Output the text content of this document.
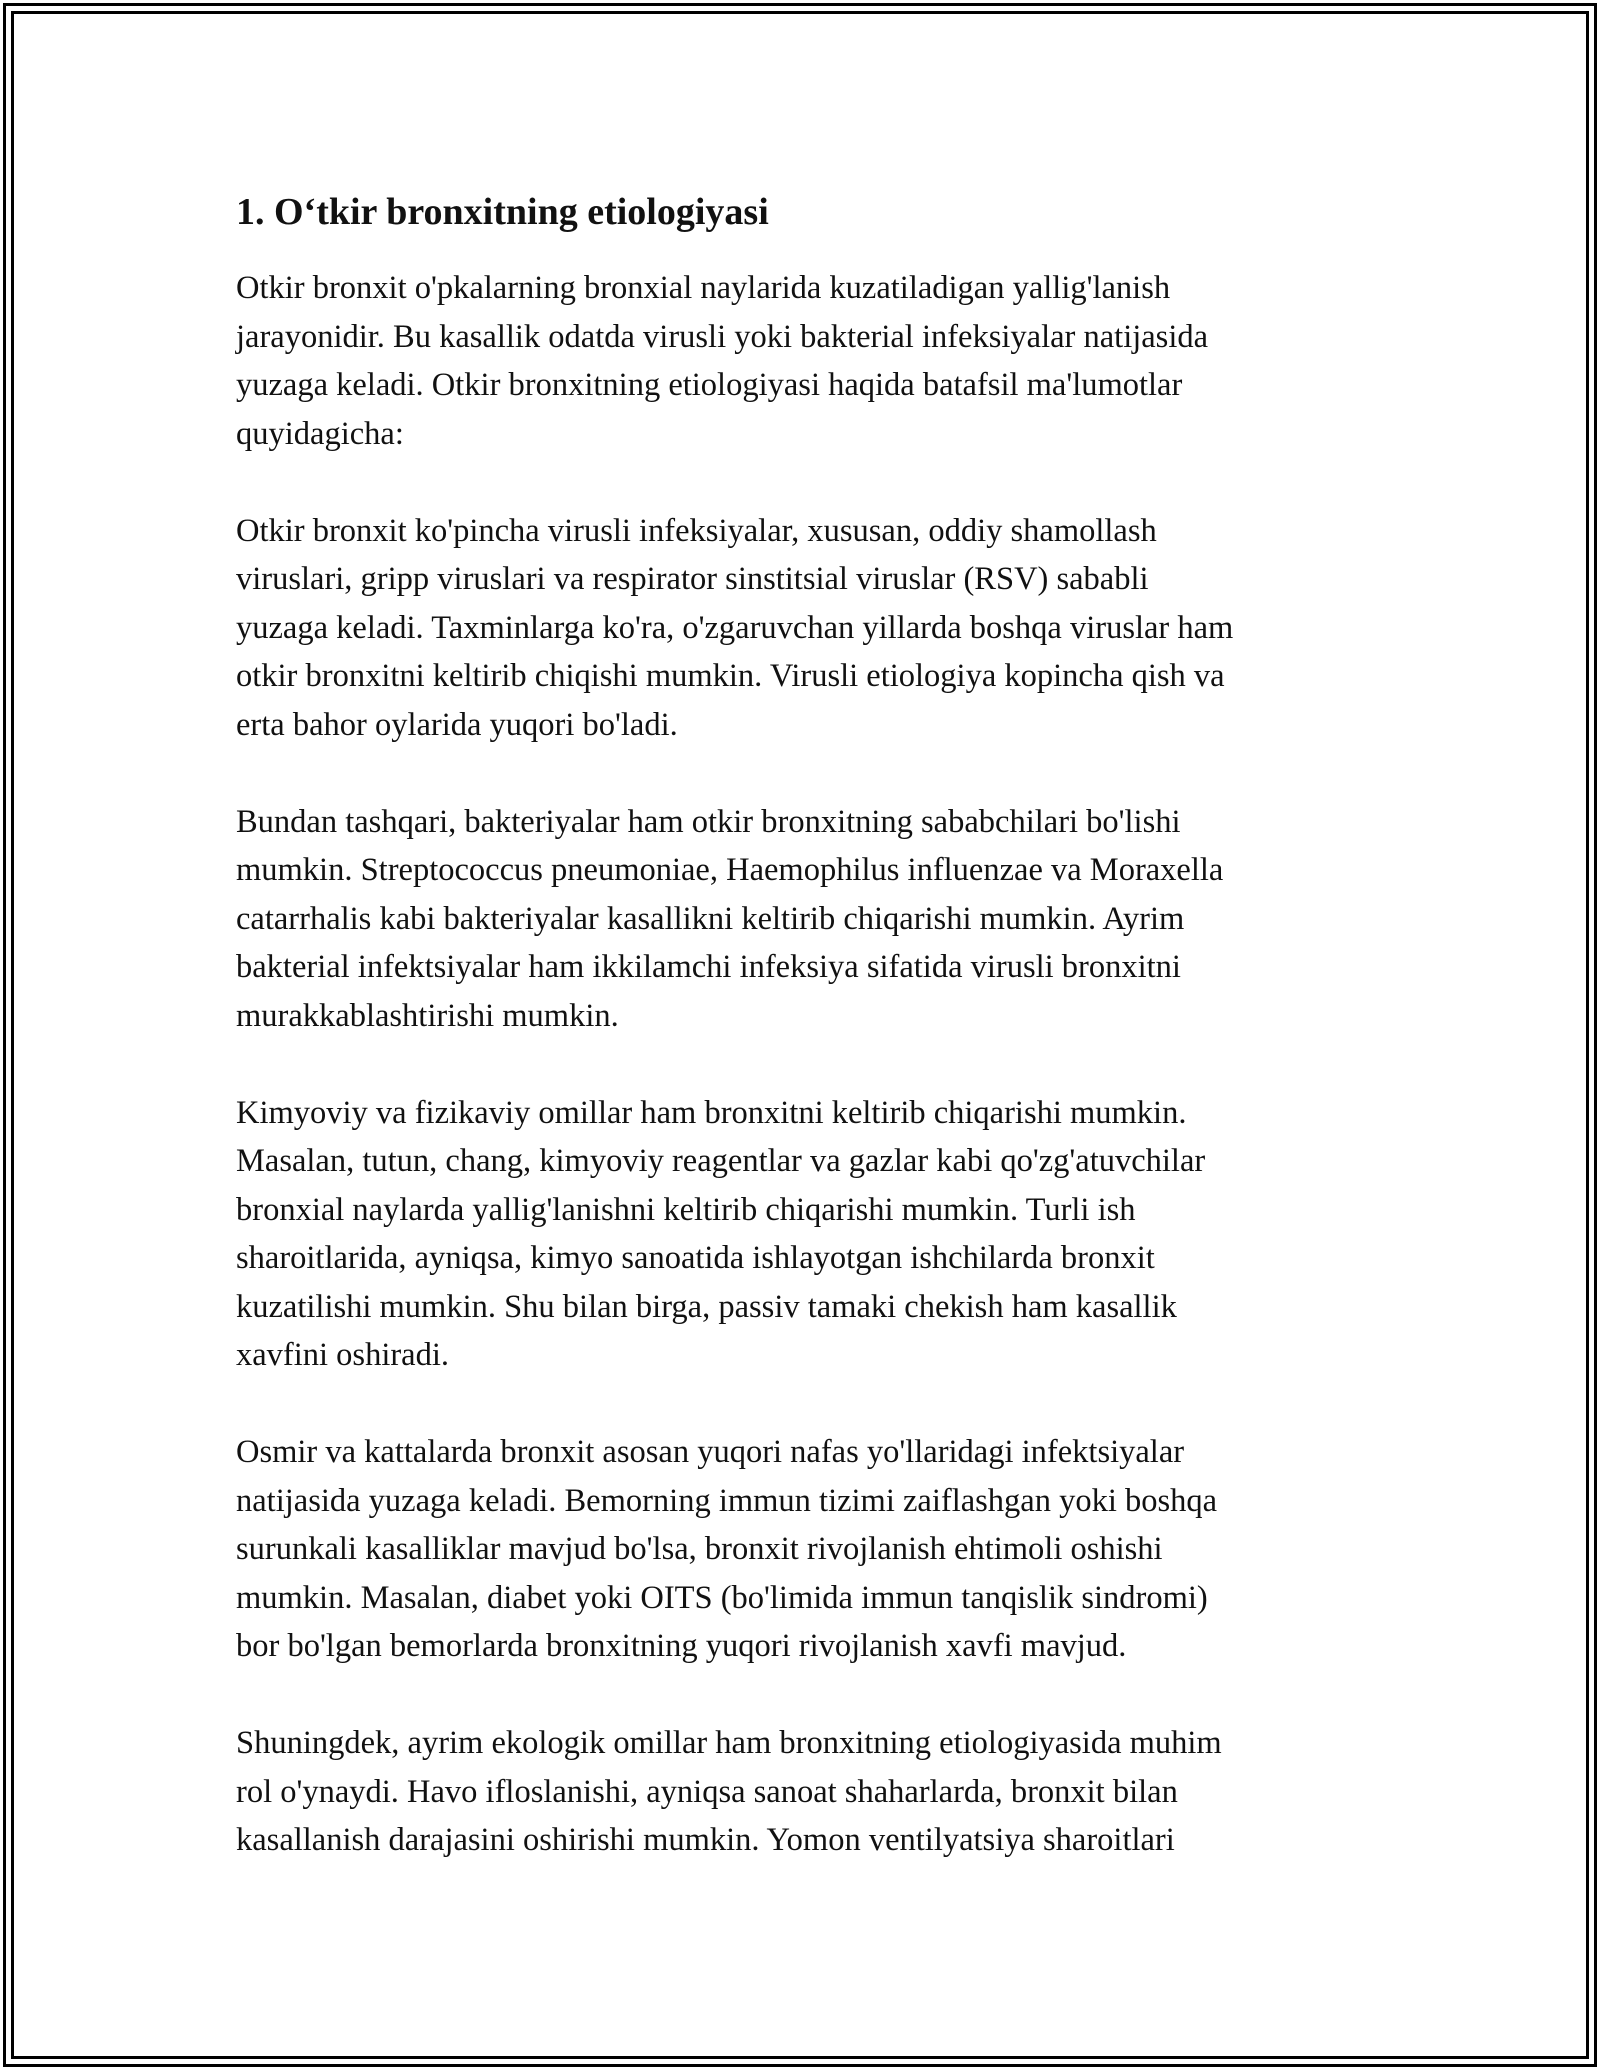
1. O‘tkir bronxitning etiologiyasi

Otkir bronxit o'pkalarning bronxial naylarida kuzatiladigan yallig'lanish
jarayonidir. Bu kasallik odatda virusli yoki bakterial infeksiyalar natijasida
yuzaga keladi. Otkir bronxitning etiologiyasi haqida batafsil ma'lumotlar
quyidagicha:

Otkir bronxit ko'pincha virusli infeksiyalar, xususan, oddiy shamollash
viruslari, gripp viruslari va respirator sinstitsial viruslar (RSV) sababli
yuzaga keladi. Taxminlarga ko'ra, o'zgaruvchan yillarda boshqa viruslar ham
otkir bronxitni keltirib chiqishi mumkin. Virusli etiologiya kopincha qish va
erta bahor oylarida yuqori bo'ladi.

Bundan tashqari, bakteriyalar ham otkir bronxitning sababchilari bo'lishi
mumkin. Streptococcus pneumoniae, Haemophilus influenzae va Moraxella
catarrhalis kabi bakteriyalar kasallikni keltirib chiqarishi mumkin. Ayrim
bakterial infektsiyalar ham ikkilamchi infeksiya sifatida virusli bronxitni
murakkablashtirishi mumkin.

Kimyoviy va fizikaviy omillar ham bronxitni keltirib chiqarishi mumkin.
Masalan, tutun, chang, kimyoviy reagentlar va gazlar kabi qo'zg'atuvchilar
bronxial naylarda yallig'lanishni keltirib chiqarishi mumkin. Turli ish
sharoitlarida, ayniqsa, kimyo sanoatida ishlayotgan ishchilarda bronxit
kuzatilishi mumkin. Shu bilan birga, passiv tamaki chekish ham kasallik
xavfini oshiradi.

Osmir va kattalarda bronxit asosan yuqori nafas yo'llaridagi infektsiyalar
natijasida yuzaga keladi. Bemorning immun tizimi zaiflashgan yoki boshqa
surunkali kasalliklar mavjud bo'lsa, bronxit rivojlanish ehtimoli oshishi
mumkin. Masalan, diabet yoki OITS (bo'limida immun tanqislik sindromi)
bor bo'lgan bemorlarda bronxitning yuqori rivojlanish xavfi mavjud.

Shuningdek, ayrim ekologik omillar ham bronxitning etiologiyasida muhim
rol o'ynaydi. Havo ifloslanishi, ayniqsa sanoat shaharlarda, bronxit bilan
kasallanish darajasini oshirishi mumkin. Yomon ventilyatsiya sharoitlari
